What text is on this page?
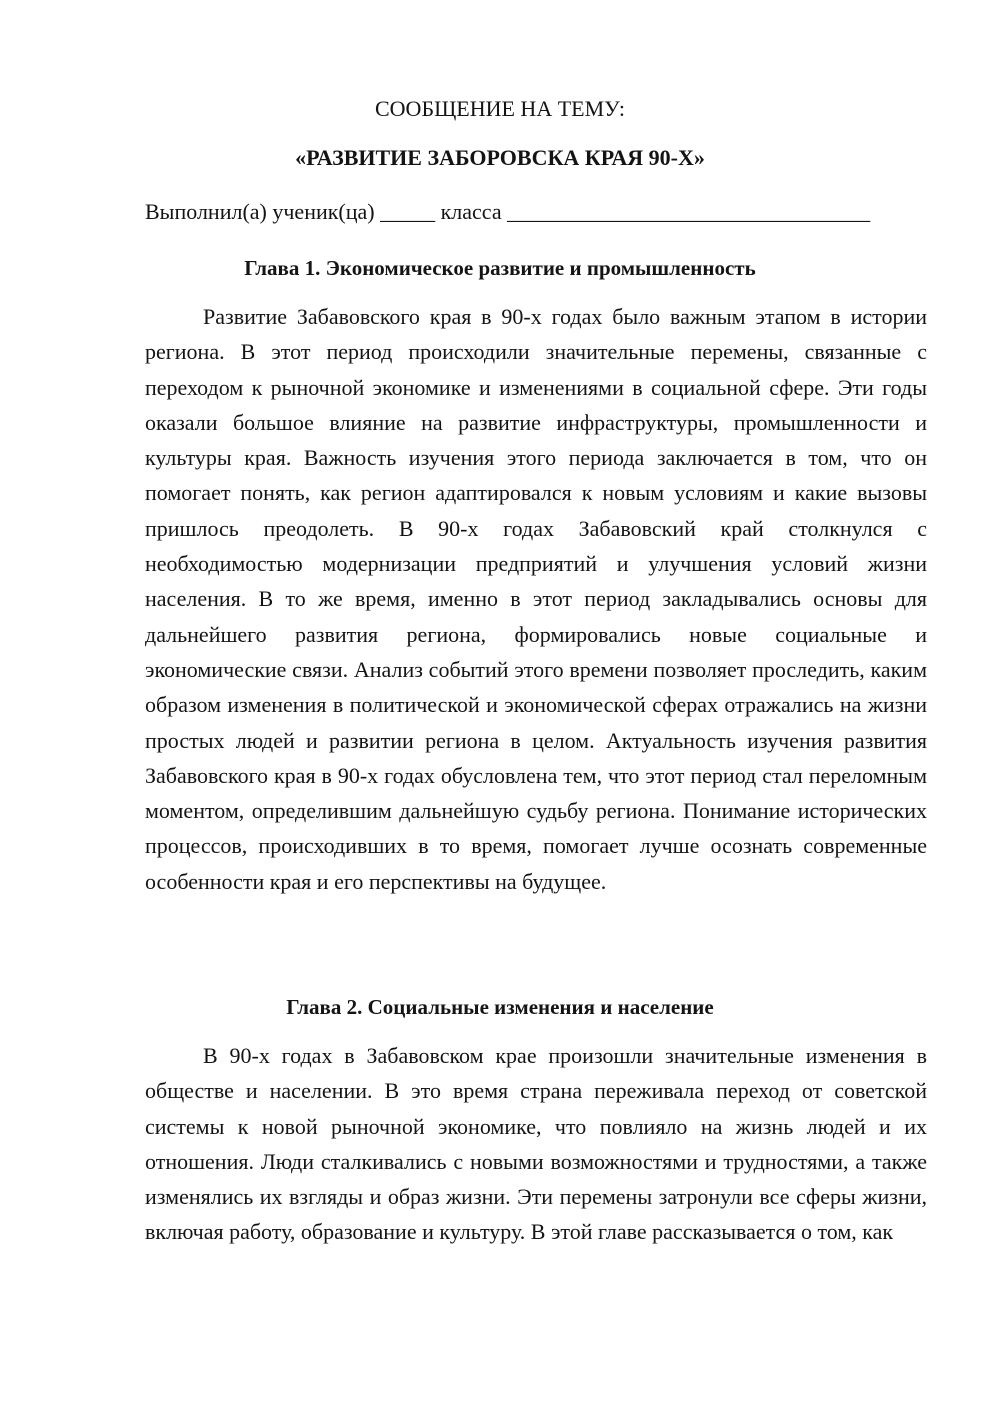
СООБЩЕНИЕ НА ТЕМУ:
«РАЗВИТИЕ ЗАБОРОВСКА КРАЯ 90-Х»
Выполнил(а) ученик(ца) _____ класса _________________________________
Глава 1. Экономическое развитие и промышленность

Развитие Забавовского края в 90-х годах было важным этапом в истории региона. В этот период происходили значительные перемены, связанные с переходом к рыночной экономике и изменениями в социальной сфере. Эти годы оказали большое влияние на развитие инфраструктуры, промышленности и культуры края. Важность изучения этого периода заключается в том, что он помогает понять, как регион адаптировался к новым условиям и какие вызовы пришлось преодолеть. В 90-х годах Забавовский край столкнулся с необходимостью модернизации предприятий и улучшения условий жизни населения. В то же время, именно в этот период закладывались основы для дальнейшего развития региона, формировались новые социальные и экономические связи. Анализ событий этого времени позволяет проследить, каким образом изменения в политической и экономической сферах отражались на жизни простых людей и развитии региона в целом. Актуальность изучения развития Забавовского края в 90-х годах обусловлена тем, что этот период стал переломным моментом, определившим дальнейшую судьбу региона. Понимание исторических процессов, происходивших в то время, помогает лучше осознать современные особенности края и его перспективы на будущее.

Глава 2. Социальные изменения и население

В 90-х годах в Забавовском крае произошли значительные изменения в обществе и населении. В это время страна переживала переход от советской системы к новой рыночной экономике, что повлияло на жизнь людей и их отношения. Люди сталкивались с новыми возможностями и трудностями, а также изменялись их взгляды и образ жизни. Эти перемены затронули все сферы жизни, включая работу, образование и культуру. В этой главе рассказывается о том, как
